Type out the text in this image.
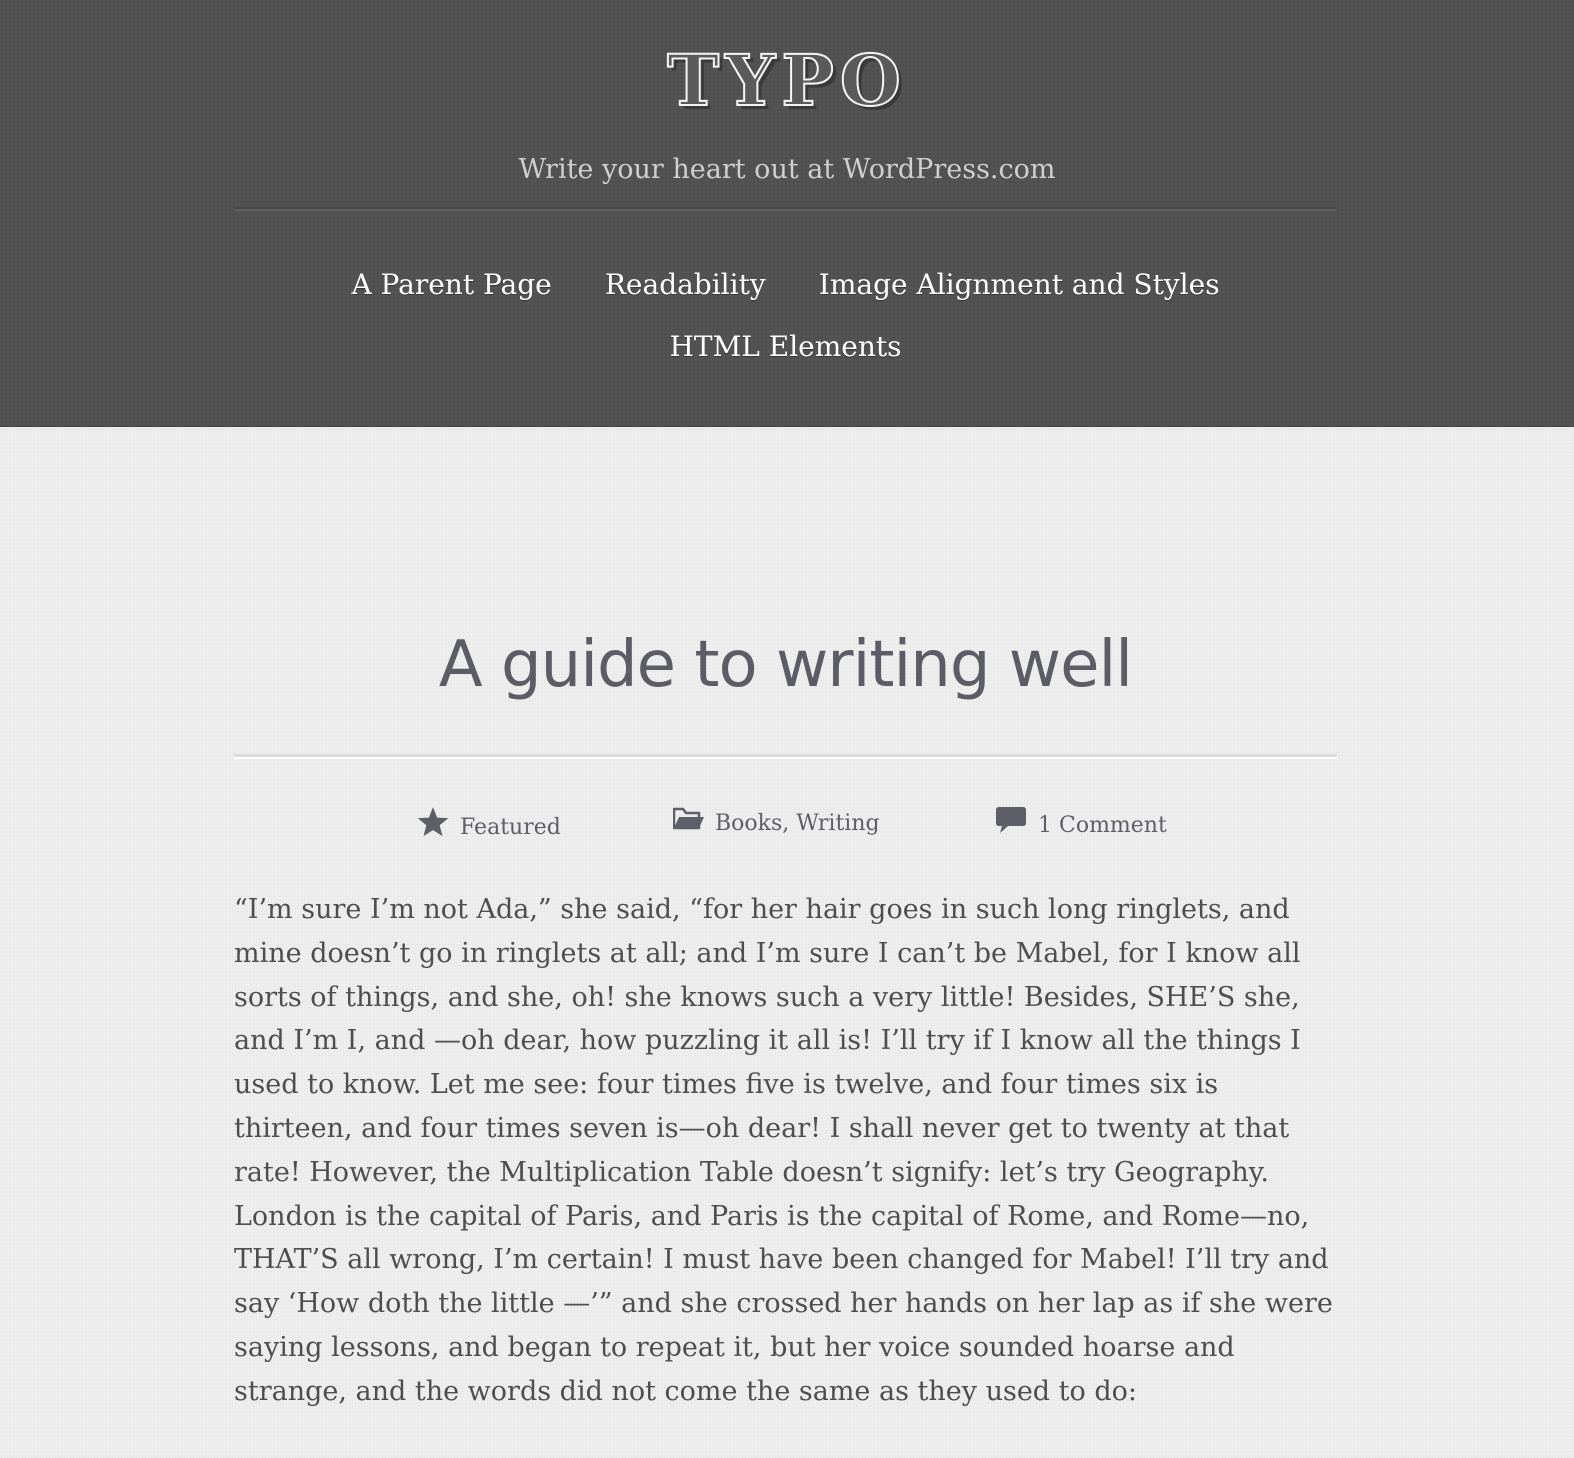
TYPO
Write your heart out at WordPress.com
A Parent Page Readability Image Alignment and Styles
HTML Elements
A guide to writing well
Featured	Books, Writing	1 Comment

“I’m sure I’m not Ada,” she said, “for her hair goes in such long ringlets, and mine doesn’t go in ringlets at all; and I’m sure I can’t be Mabel, for I know all sorts of things, and she, oh! she knows such a very little! Besides, SHE’S she, and I’m I, and —oh dear, how puzzling it all is! I’ll try if I know all the things I used to know. Let me see: four times five is twelve, and four times six is thirteen, and four times seven is—oh dear! I shall never get to twenty at that rate! However, the Multiplication Table doesn’t signify: let’s try Geography. London is the capital of Paris, and Paris is the capital of Rome, and Rome—no, THAT’S all wrong, I’m certain! I must have been changed for Mabel! I’ll try and say ‘How doth the little —’” and she crossed her hands on her lap as if she were saying lessons, and began to repeat it, but her voice sounded hoarse and strange, and the words did not come the same as they used to do:
